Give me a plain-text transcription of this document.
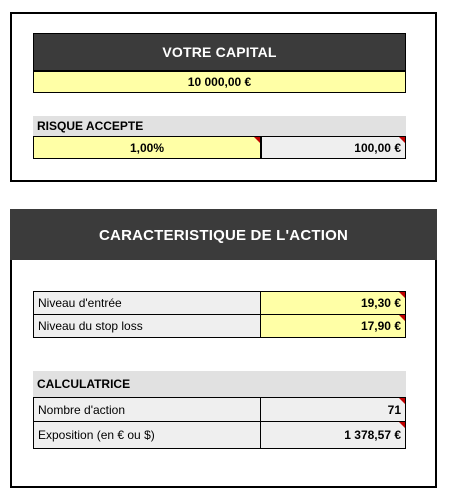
VOTRE CAPITAL
10 000,00 €
RISQUE ACCEPTE
1,00%	100,00 €
CARACTERISTIQUE DE L'ACTION
Niveau d'entrée	19,30 €
Niveau du stop loss	17,90 €
CALCULATRICE
Nombre d'action	71
Exposition (en € ou $)	1 378,57 €
